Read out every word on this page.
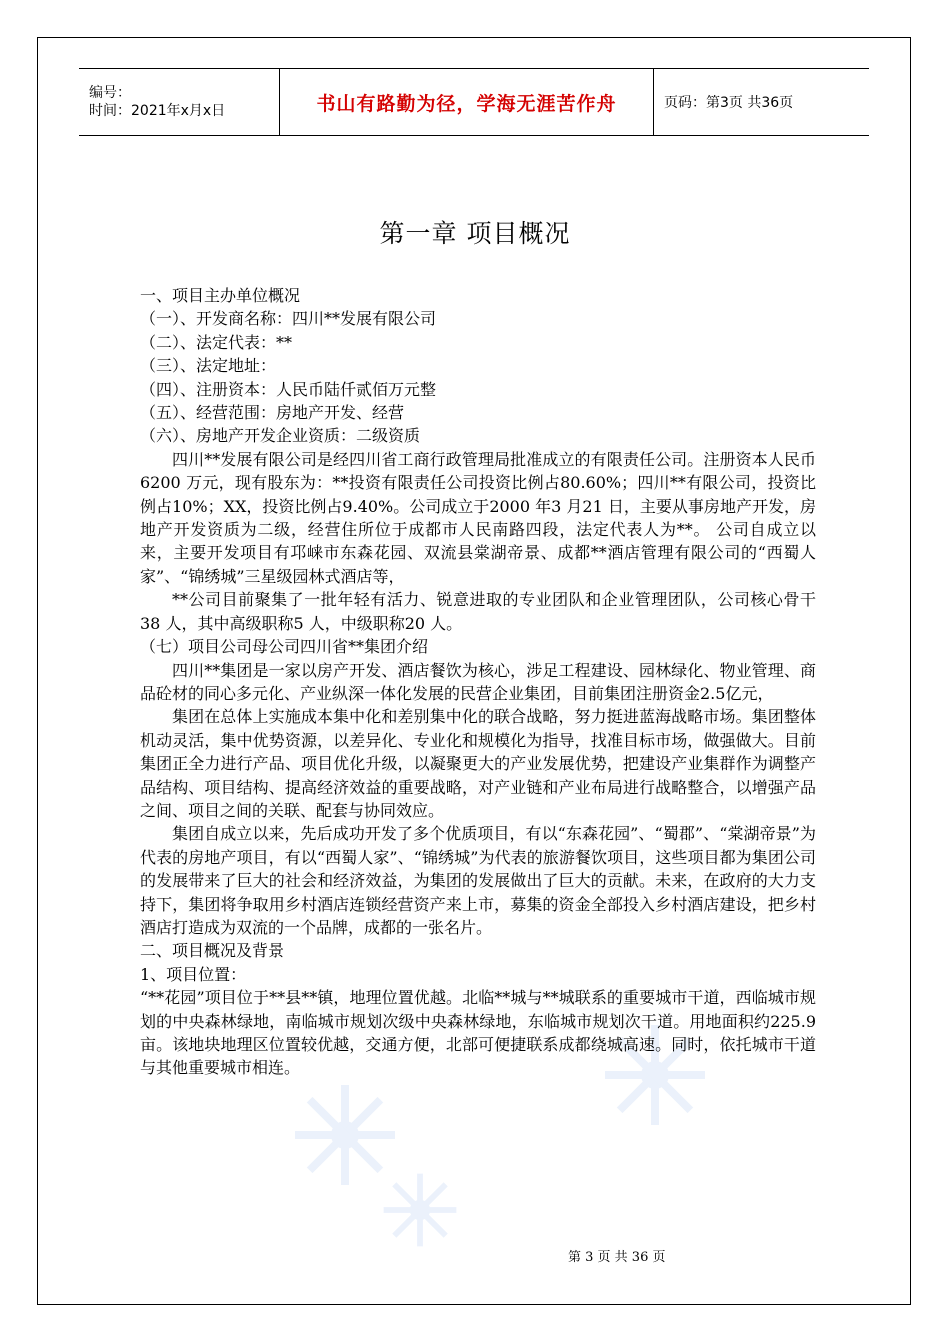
编号：
时间：2021年x月x日	书山有路勤为径，学海无涯苦作舟	页码：第3页 共36页
第一章 项目概况

一、项目主办单位概况

（一）、开发商名称：四川**发展有限公司

（二）、法定代表：**

（三）、法定地址：

（四）、注册资本：人民币陆仟贰佰万元整

（五）、经营范围：房地产开发、经营

（六）、房地产开发企业资质：二级资质

四川**发展有限公司是经四川省工商行政管理局批准成立的有限责任公司。注册资本人民币6200 万元，现有股东为：**投资有限责任公司投资比例占80.60%；四川**有限公司，投资比例占10%；XX，投资比例占9.40%。公司成立于2000 年3 月21 日，主要从事房地产开发，房地产开发资质为二级，经营住所位于成都市人民南路四段，法定代表人为**。 公司自成立以来，主要开发项目有邛崃市东森花园、双流县棠湖帝景、成都**酒店管理有限公司的“西蜀人家”、“锦绣城”三星级园林式酒店等，

**公司目前聚集了一批年轻有活力、锐意进取的专业团队和企业管理团队，公司核心骨干38 人，其中高级职称5 人，中级职称20 人。

（七）项目公司母公司四川省**集团介绍

四川**集团是一家以房产开发、酒店餐饮为核心，涉足工程建设、园林绿化、物业管理、商品砼材的同心多元化、产业纵深一体化发展的民营企业集团，目前集团注册资金2.5亿元，

集团在总体上实施成本集中化和差别集中化的联合战略，努力挺进蓝海战略市场。集团整体机动灵活，集中优势资源，以差异化、专业化和规模化为指导，找准目标市场，做强做大。目前集团正全力进行产品、项目优化升级，以凝聚更大的产业发展优势，把建设产业集群作为调整产品结构、项目结构、提高经济效益的重要战略，对产业链和产业布局进行战略整合，以增强产品之间、项目之间的关联、配套与协同效应。

集团自成立以来，先后成功开发了多个优质项目，有以“东森花园”、“蜀郡”、“棠湖帝景”为代表的房地产项目，有以“西蜀人家”、“锦绣城”为代表的旅游餐饮项目，这些项目都为集团公司的发展带来了巨大的社会和经济效益，为集团的发展做出了巨大的贡献。未来，在政府的大力支持下，集团将争取用乡村酒店连锁经营资产来上市，募集的资金全部投入乡村酒店建设，把乡村酒店打造成为双流的一个品牌，成都的一张名片。

二、项目概况及背景

1、项目位置：

“**花园”项目位于**县**镇，地理位置优越。北临**城与**城联系的重要城市干道，西临城市规划的中央森林绿地，南临城市规划次级中央森林绿地，东临城市规划次干道。用地面积约225.9亩。该地块地理区位置较优越，交通方便，北部可便捷联系成都绕城高速。同时，依托城市干道与其他重要城市相连。

第 3 页 共 36 页
